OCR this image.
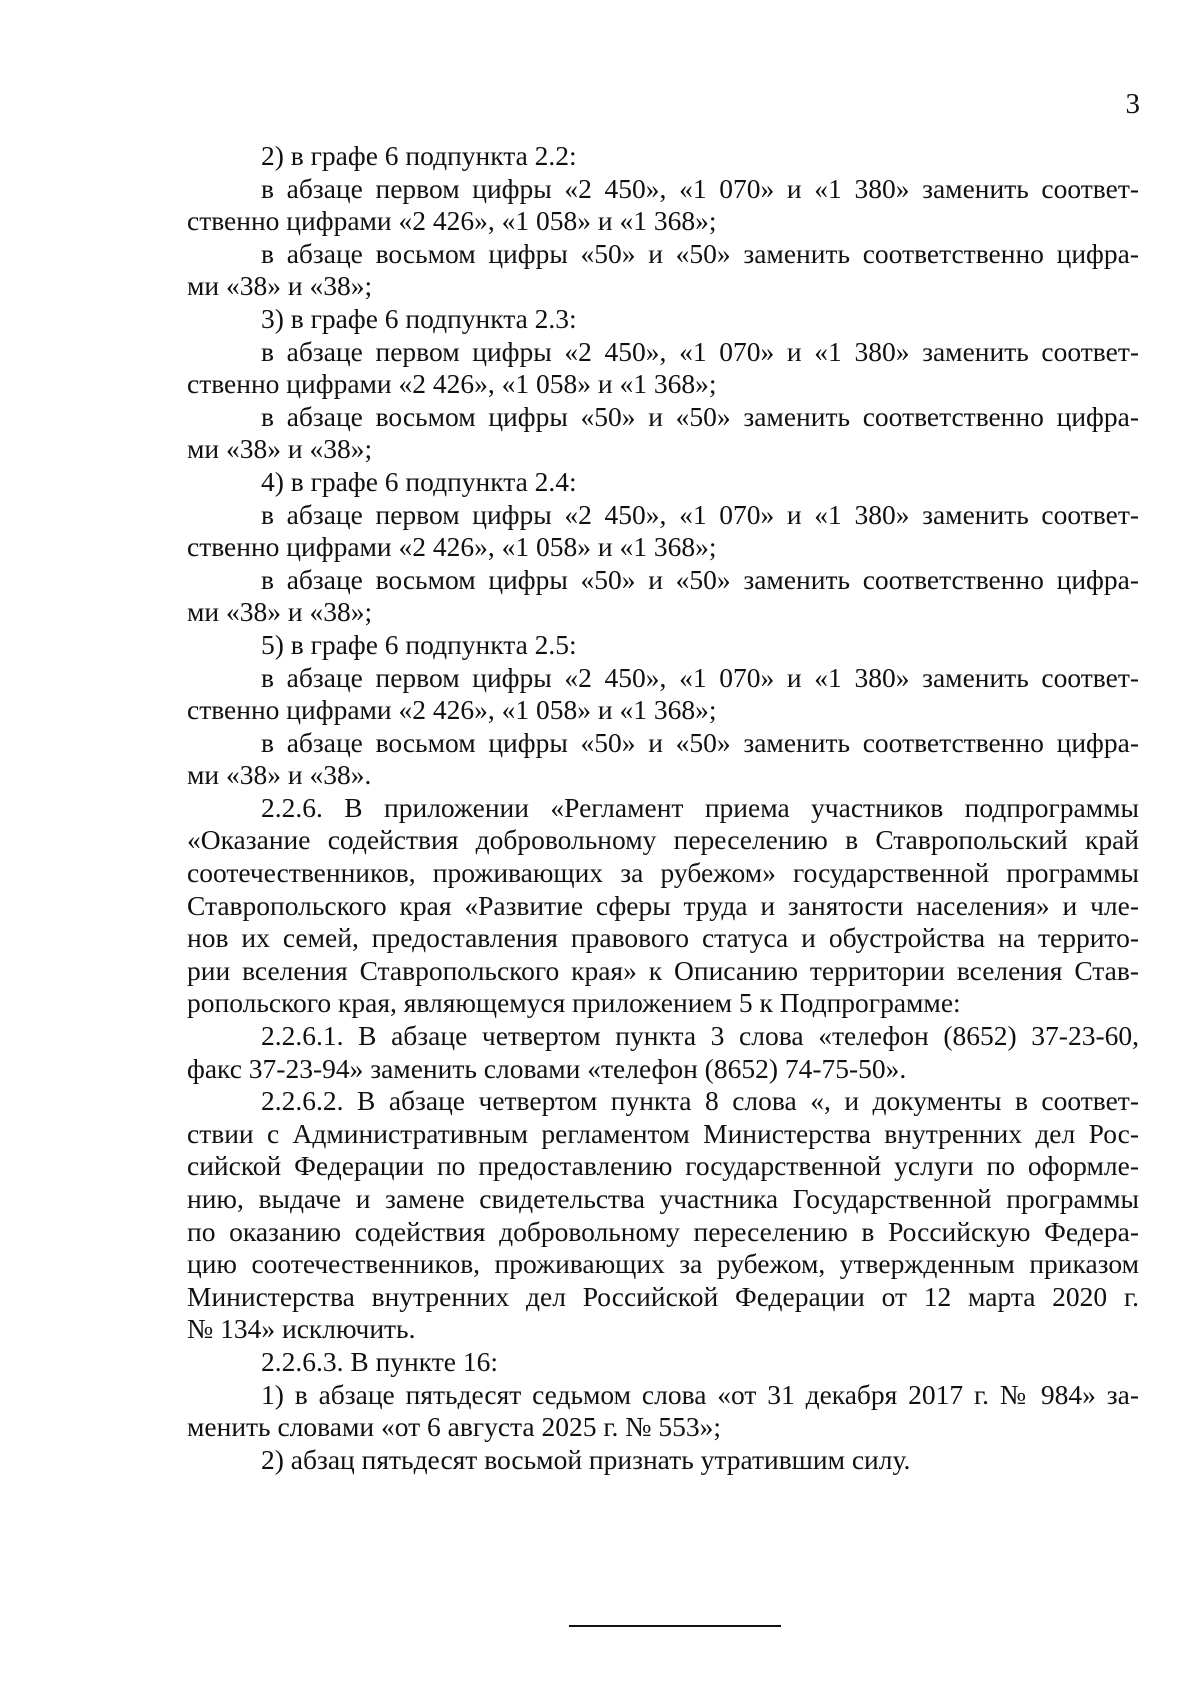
3
2) в графе 6 подпункта 2.2:
в абзаце первом цифры «2 450», «1 070» и «1 380» заменить соответ-
ственно цифрами «2 426», «1 058» и «1 368»;
в абзаце восьмом цифры «50» и «50» заменить соответственно цифра-
ми «38» и «38»;
3) в графе 6 подпункта 2.3:
в абзаце первом цифры «2 450», «1 070» и «1 380» заменить соответ-
ственно цифрами «2 426», «1 058» и «1 368»;
в абзаце восьмом цифры «50» и «50» заменить соответственно цифра-
ми «38» и «38»;
4) в графе 6 подпункта 2.4:
в абзаце первом цифры «2 450», «1 070» и «1 380» заменить соответ-
ственно цифрами «2 426», «1 058» и «1 368»;
в абзаце восьмом цифры «50» и «50» заменить соответственно цифра-
ми «38» и «38»;
5) в графе 6 подпункта 2.5:
в абзаце первом цифры «2 450», «1 070» и «1 380» заменить соответ-
ственно цифрами «2 426», «1 058» и «1 368»;
в абзаце восьмом цифры «50» и «50» заменить соответственно цифра-
ми «38» и «38».
2.2.6. В приложении «Регламент приема участников подпрограммы
«Оказание содействия добровольному переселению в Ставропольский край
соотечественников, проживающих за рубежом» государственной программы
Ставропольского края «Развитие сферы труда и занятости населения» и чле-
нов их семей, предоставления правового статуса и обустройства на террито-
рии вселения Ставропольского края» к Описанию территории вселения Став-
ропольского края, являющемуся приложением 5 к Подпрограмме:
2.2.6.1. В абзаце четвертом пункта 3 слова «телефон (8652) 37-23-60,
факс 37-23-94» заменить словами «телефон (8652) 74-75-50».
2.2.6.2. В абзаце четвертом пункта 8 слова «, и документы в соответ-
ствии с Административным регламентом Министерства внутренних дел Рос-
сийской Федерации по предоставлению государственной услуги по оформле-
нию, выдаче и замене свидетельства участника Государственной программы
по оказанию содействия добровольному переселению в Российскую Федера-
цию соотечественников, проживающих за рубежом, утвержденным приказом
Министерства внутренних дел Российской Федерации от 12 марта 2020 г.
№ 134» исключить.
2.2.6.3. В пункте 16:
1) в абзаце пятьдесят седьмом слова «от 31 декабря 2017 г. № 984» за-
менить словами «от 6 августа 2025 г. № 553»;
2) абзац пятьдесят восьмой признать утратившим силу.
